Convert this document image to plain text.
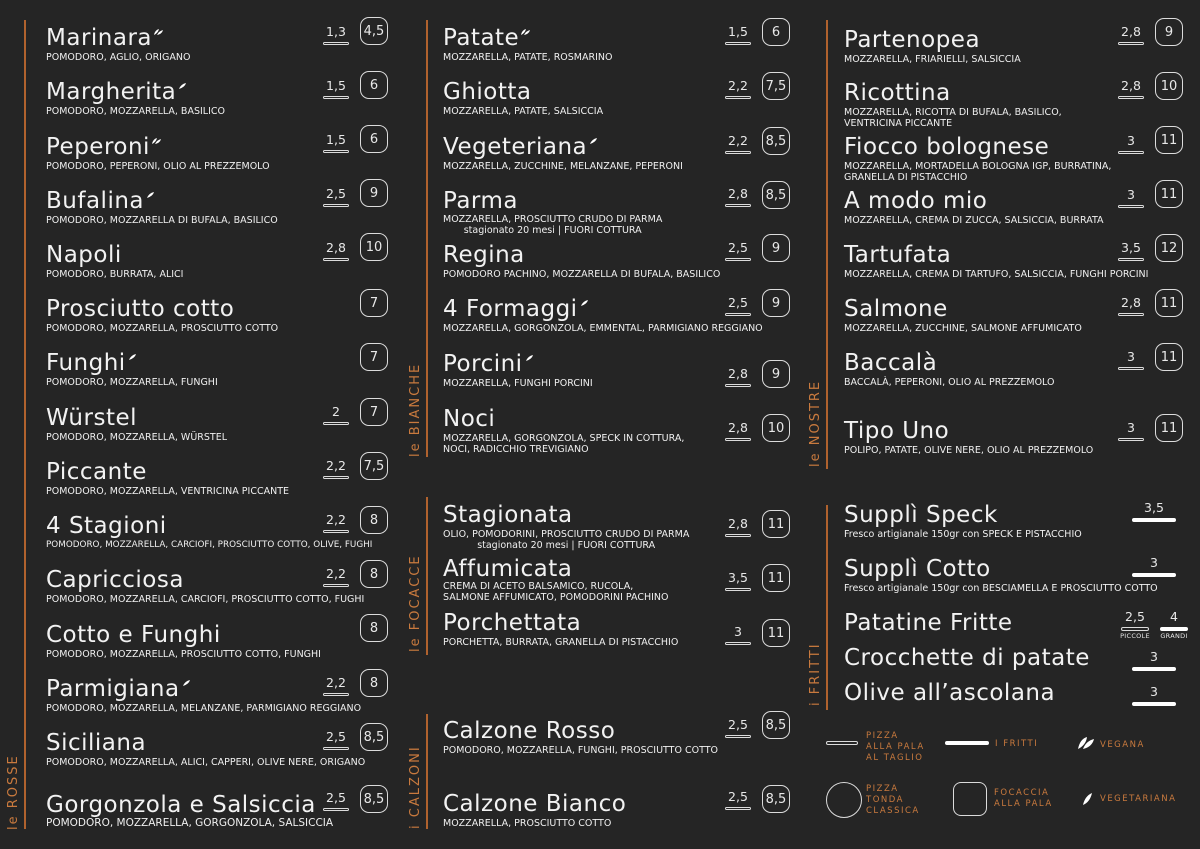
le ROSSE
le BIANCHE
le FOCACCE
i CALZONI
le NOSTRE
i FRITTI
Marinara
POMODORO, AGLIO, ORIGANO
1,3 4,5
Margherita
POMODORO, MOZZARELLA, BASILICO
1,5	6
Peperoni
POMODORO, PEPERONI, OLIO AL PREZZEMOLO
1,5	6
Bufalina
POMODORO, MOZZARELLA DI BUFALA, BASILICO
2,5	9
Napoli
POMODORO, BURRATA, ALICI
2,8	10
Prosciutto cotto
POMODORO, MOZZARELLA, PROSCIUTTO COTTO
7
Funghi
POMODORO, MOZZARELLA, FUNGHI
7
Würstel
POMODORO, MOZZARELLA, WÜRSTEL
2	7
Piccante
POMODORO, MOZZARELLA, VENTRICINA PICCANTE
2,2 7,5
4 Stagioni
POMODORO, MOZZARELLA, CARCIOFI, PROSCIUTTO COTTO, OLIVE, FUGHI
2,2	8
Capricciosa
POMODORO, MOZZARELLA, CARCIOFI, PROSCIUTTO COTTO, FUGHI
2,2	8
Cotto e Funghi
POMODORO, MOZZARELLA, PROSCIUTTO COTTO, FUNGHI
8
Parmigiana
POMODORO, MOZZARELLA, MELANZANE, PARMIGIANO REGGIANO
2,2	8
Siciliana
POMODORO, MOZZARELLA, ALICI, CAPPERI, OLIVE NERE, ORIGANO
2,5 8,5
Gorgonzola e Salsiccia
POMODORO, MOZZARELLA, GORGONZOLA, SALSICCIA
2,5 8,5
Patate
MOZZARELLA, PATATE, ROSMARINO
1,5	6
Ghiotta
MOZZARELLA, PATATE, SALSICCIA
2,2 7,5
Vegeteriana
MOZZARELLA, ZUCCHINE, MELANZANE, PEPERONI
2,2 8,5
Parma
MOZZARELLA, PROSCIUTTO CRUDO DI PARMA
stagionato 20 mesi | FUORI COTTURA
2,8 8,5
Regina
POMODORO PACHINO, MOZZARELLA DI BUFALA, BASILICO
2,5	9
4 Formaggi
MOZZARELLA, GORGONZOLA, EMMENTAL, PARMIGIANO REGGIANO
2,5	9
Porcini
MOZZARELLA, FUNGHI PORCINI
2,8	9
Noci
MOZZARELLA, GORGONZOLA, SPECK IN COTTURA,
NOCI, RADICCHIO TREVIGIANO
2,8	10
Stagionata
OLIO, POMODORINI, PROSCIUTTO CRUDO DI PARMA
stagionato 20 mesi | FUORI COTTURA
2,8	11
Affumicata
CREMA DI ACETO BALSAMICO, RUCOLA,
SALMONE AFFUMICATO, POMODORINI PACHINO
3,5	11
Porchettata
PORCHETTA, BURRATA, GRANELLA DI PISTACCHIO
3	11
Calzone Rosso
POMODORO, MOZZARELLA, FUNGHI, PROSCIUTTO COTTO
2,5 8,5
Calzone Bianco
MOZZARELLA, PROSCIUTTO COTTO
2,5 8,5
Partenopea
MOZZARELLA, FRIARIELLI, SALSICCIA
2,8	9
Ricottina
MOZZARELLA, RICOTTA DI BUFALA, BASILICO,
VENTRICINA PICCANTE
2,8	10
Fiocco bolognese
MOZZARELLA, MORTADELLA BOLOGNA IGP, BURRATINA,
GRANELLA DI PISTACCHIO
3	11
A modo mio
MOZZARELLA, CREMA DI ZUCCA, SALSICCIA, BURRATA
3	11
Tartufata
MOZZARELLA, CREMA DI TARTUFO, SALSICCIA, FUNGHI PORCINI
3,5	12
Salmone
MOZZARELLA, ZUCCHINE, SALMONE AFFUMICATO
2,8	11
Baccalà
BACCALÀ, PEPERONI, OLIO AL PREZZEMOLO
3	11
Tipo Uno
POLIPO, PATATE, OLIVE NERE, OLIO AL PREZZEMOLO
3	11
Supplì Speck
Fresco artigianale 150gr con SPECK E PISTACCHIO
3,5
Supplì Cotto
Fresco artigianale 150gr con BESCIAMELLA E PROSCIUTTO COTTO
3
Patatine Fritte	2,5
PICCOLE
4
GRANDI
Crocchette di patate	3
Olive all’ascolana	3
PIZZA
ALLA PALA
AL TAGLIO
I FRITTI	VEGANA
PIZZA
TONDA
CLASSICA
FOCACCIA
ALLA PALA	VEGETARIANA
